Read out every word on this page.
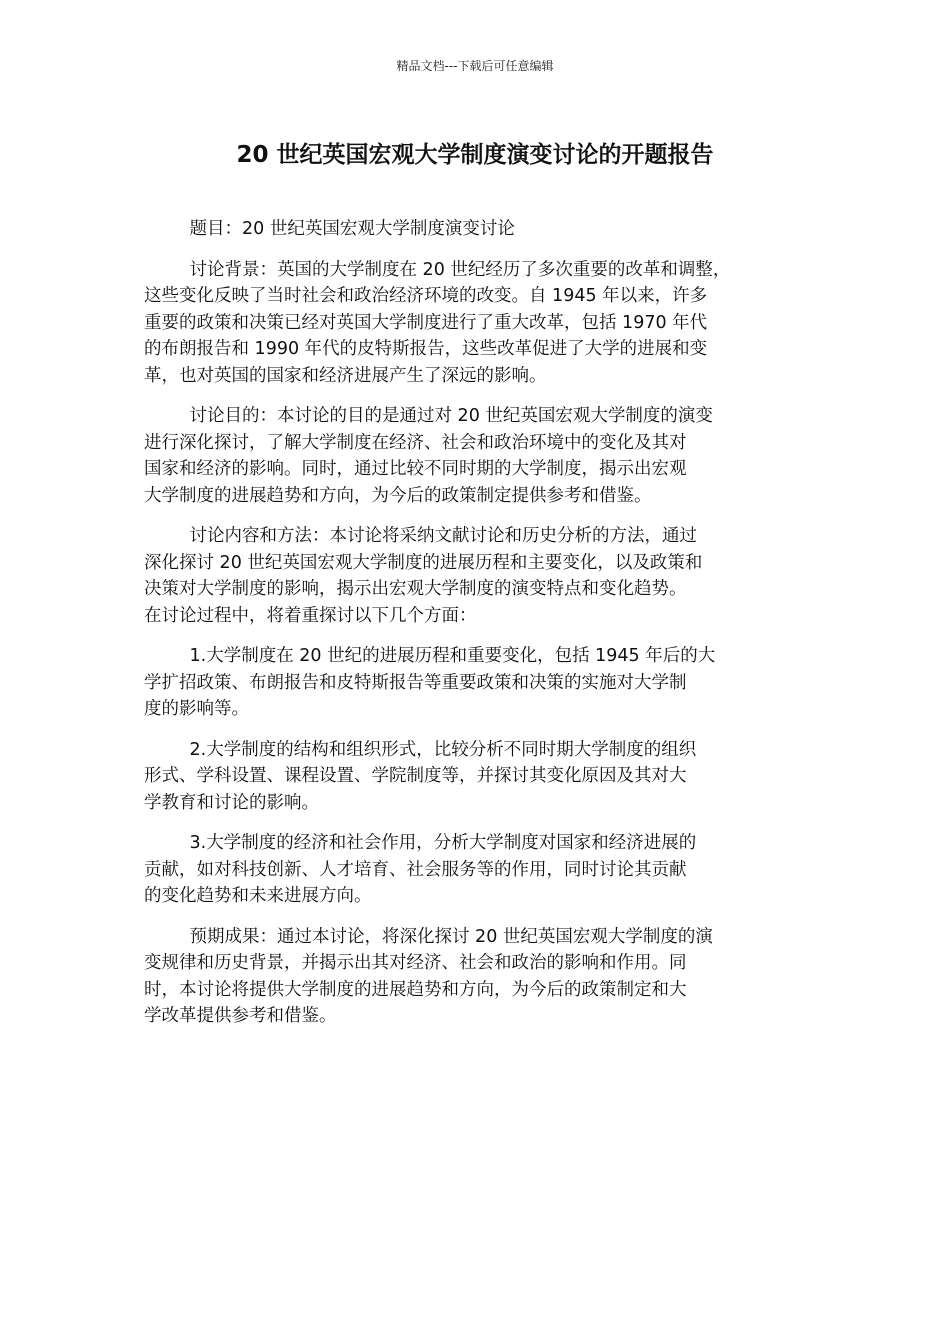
精品文档---下载后可任意编辑
20 世纪英国宏观大学制度演变讨论的开题报告

题目：20 世纪英国宏观大学制度演变讨论

讨论背景：英国的大学制度在 20 世纪经历了多次重要的改革和调整，
这些变化反映了当时社会和政治经济环境的改变。自 1945 年以来，许多
重要的政策和决策已经对英国大学制度进行了重大改革，包括 1970 年代
的布朗报告和 1990 年代的皮特斯报告，这些改革促进了大学的进展和变
革，也对英国的国家和经济进展产生了深远的影响。

讨论目的：本讨论的目的是通过对 20 世纪英国宏观大学制度的演变
进行深化探讨，了解大学制度在经济、社会和政治环境中的变化及其对
国家和经济的影响。同时，通过比较不同时期的大学制度，揭示出宏观
大学制度的进展趋势和方向，为今后的政策制定提供参考和借鉴。

讨论内容和方法：本讨论将采纳文献讨论和历史分析的方法，通过
深化探讨 20 世纪英国宏观大学制度的进展历程和主要变化，以及政策和
决策对大学制度的影响，揭示出宏观大学制度的演变特点和变化趋势。
在讨论过程中，将着重探讨以下几个方面：

1.大学制度在 20 世纪的进展历程和重要变化，包括 1945 年后的大
学扩招政策、布朗报告和皮特斯报告等重要政策和决策的实施对大学制
度的影响等。

2.大学制度的结构和组织形式，比较分析不同时期大学制度的组织
形式、学科设置、课程设置、学院制度等，并探讨其变化原因及其对大
学教育和讨论的影响。

3.大学制度的经济和社会作用，分析大学制度对国家和经济进展的
贡献，如对科技创新、人才培育、社会服务等的作用，同时讨论其贡献
的变化趋势和未来进展方向。

预期成果：通过本讨论，将深化探讨 20 世纪英国宏观大学制度的演
变规律和历史背景，并揭示出其对经济、社会和政治的影响和作用。同
时，本讨论将提供大学制度的进展趋势和方向，为今后的政策制定和大
学改革提供参考和借鉴。
